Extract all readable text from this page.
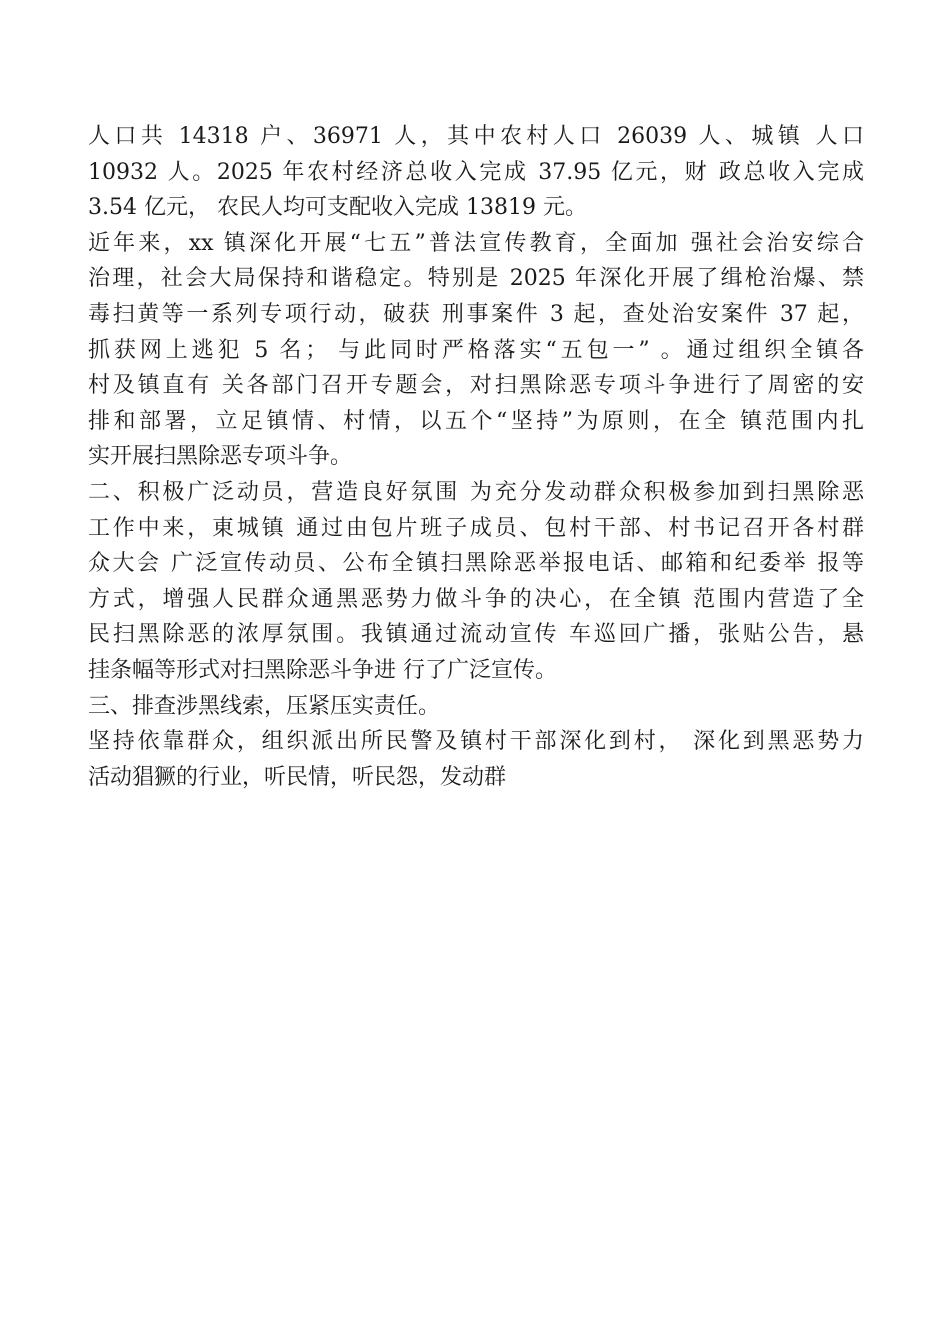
人口共 14318 户、36971 人，其中农村人口 26039 人、城镇 人口
10932 人。2025 年农村经济总收入完成 37.95 亿元，财 政总收入完成
3.54 亿元， 农民人均可支配收入完成 13819 元。
近年来，xx 镇深化开展“七五”普法宣传教育，全面加 强社会治安综合
治理，社会大局保持和谐稳定。特别是 2025 年深化开展了缉枪治爆、禁
毒扫黄等一系列专项行动，破获 刑事案件 3 起，查处治安案件 37 起，
抓获网上逃犯 5 名； 与此同时严格落实“五包一” 。通过组织全镇各
村及镇直有 关各部门召开专题会，对扫黑除恶专项斗争进行了周密的安
排和部署，立足镇情、村情，以五个“坚持”为原则，在全 镇范围内扎
实开展扫黑除恶专项斗争。
二、积极广泛动员，营造良好氛围 为充分发动群众积极参加到扫黑除恶
工作中来，東城镇 通过由包片班子成员、包村干部、村书记召开各村群
众大会 广泛宣传动员、公布全镇扫黑除恶举报电话、邮箱和纪委举 报等
方式，增强人民群众通黑恶势力做斗争的决心，在全镇 范围内营造了全
民扫黑除恶的浓厚氛围。我镇通过流动宣传 车巡回广播，张贴公告，悬
挂条幅等形式对扫黑除恶斗争进 行了广泛宣传。
三、排查涉黑线索，压紧压实责任。
坚持依靠群众，组织派出所民警及镇村干部深化到村， 深化到黑恶势力
活动猖獗的行业，听民情，听民怨，发动群
